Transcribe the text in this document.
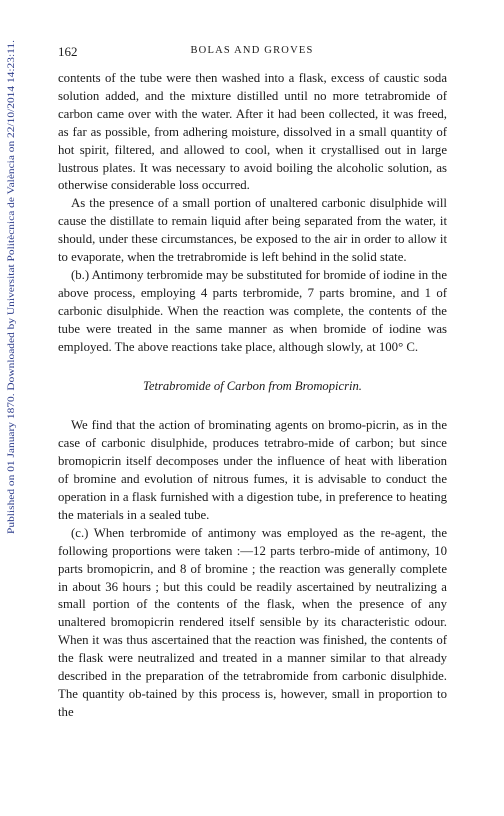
Published on 01 January 1870. Downloaded by Universitat Politècnica de València on 22/10/2014 14:23:11.
162	BOLAS AND GROVES

contents of the tube were then washed into a flask, excess of caustic soda solution added, and the mixture distilled until no more tetrabromide of carbon came over with the water. After it had been collected, it was freed, as far as possible, from adhering moisture, dissolved in a small quantity of hot spirit, filtered, and allowed to cool, when it crystallised out in large lustrous plates. It was necessary to avoid boiling the alcoholic solution, as otherwise considerable loss occurred.

As the presence of a small portion of unaltered carbonic disulphide will cause the distillate to remain liquid after being separated from the water, it should, under these circumstances, be exposed to the air in order to allow it to evaporate, when the tretrabromide is left behind in the solid state.

(b.) Antimony terbromide may be substituted for bromide of iodine in the above process, employing 4 parts terbromide, 7 parts bromine, and 1 of carbonic disulphide. When the reaction was complete, the contents of the tube were treated in the same manner as when bromide of iodine was employed. The above reactions take place, although slowly, at 100° C.

Tetrabromide of Carbon from Bromopicrin.

We find that the action of brominating agents on bromo-picrin, as in the case of carbonic disulphide, produces tetrabro-mide of carbon; but since bromopicrin itself decomposes under the influence of heat with liberation of bromine and evolution of nitrous fumes, it is advisable to conduct the operation in a flask furnished with a digestion tube, in preference to heating the materials in a sealed tube.

(c.) When terbromide of antimony was employed as the re-agent, the following proportions were taken :—12 parts terbro-mide of antimony, 10 parts bromopicrin, and 8 of bromine ; the reaction was generally complete in about 36 hours ; but this could be readily ascertained by neutralizing a small portion of the contents of the flask, when the presence of any unaltered bromopicrin rendered itself sensible by its characteristic odour. When it was thus ascertained that the reaction was finished, the contents of the flask were neutralized and treated in a manner similar to that already described in the preparation of the tetrabromide from carbonic disulphide. The quantity ob-tained by this process is, however, small in proportion to the
